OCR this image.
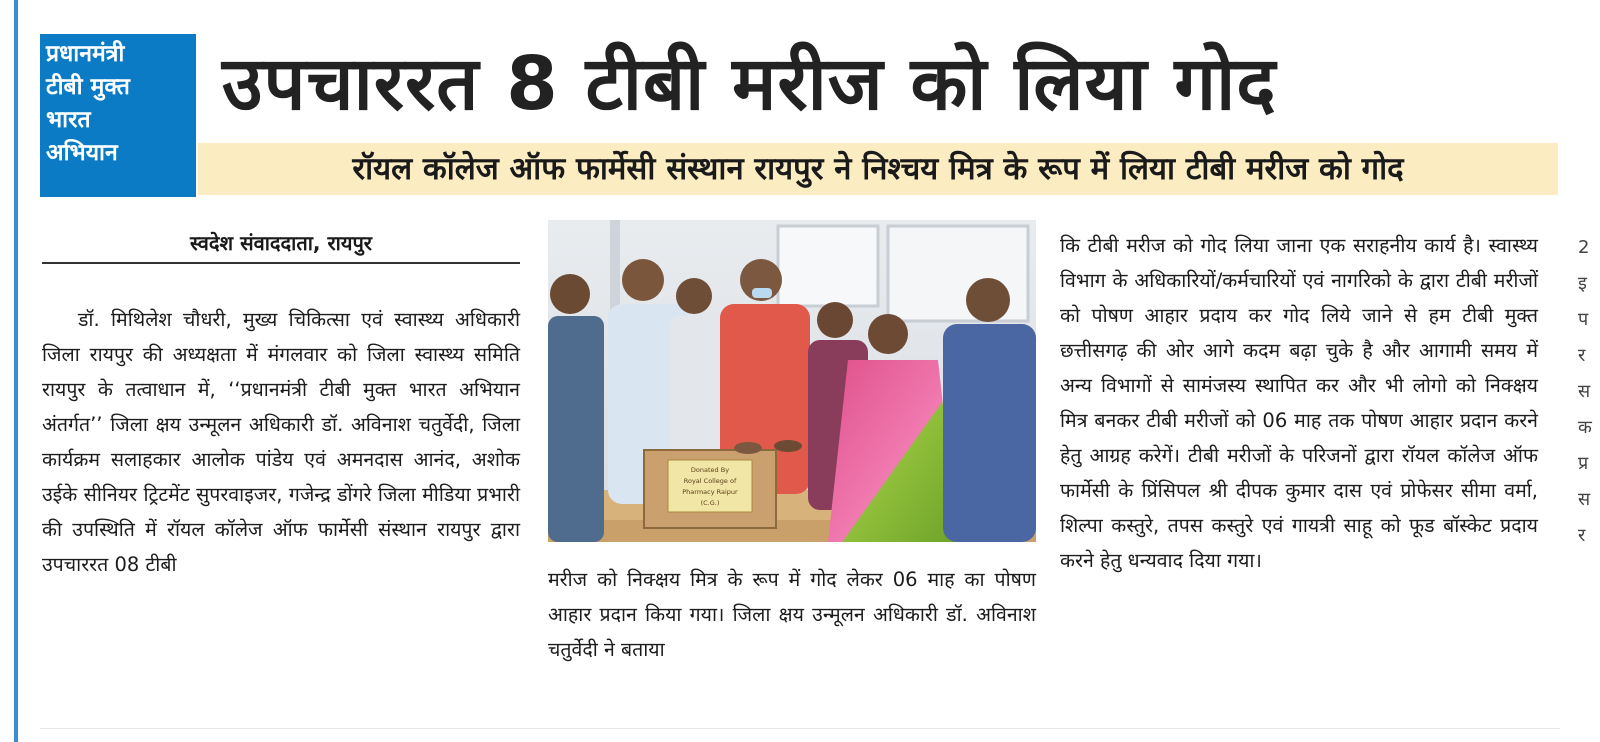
प्रधानमंत्री
टीबी मुक्त
भारत
अभियान
उपचाररत 8 टीबी मरीज को लिया गोद
रॉयल कॉलेज ऑफ फार्मेसी संस्थान रायपुर ने निश्चय मित्र के रूप में लिया टीबी मरीज को गोद
स्वदेश संवाददाता, रायपुर
डॉ. मिथिलेश चौधरी, मुख्य चिकित्सा एवं स्वास्थ्य अधिकारी जिला रायपुर की अध्यक्षता में मंगलवार को जिला स्वास्थ्य समिति रायपुर के तत्वाधान में, ‘‘प्रधानमंत्री टीबी मुक्त भारत अभियान अंतर्गत’’ जिला क्षय उन्मूलन अधिकारी डॉ. अविनाश चतुर्वेदी, जिला कार्यक्रम सलाहकार आलोक पांडेय एवं अमनदास आनंद, अशोक उईके सीनियर ट्रिटमेंट सुपरवाइजर, गजेन्द्र डोंगरे जिला मीडिया प्रभारी की उपस्थिति में रॉयल कॉलेज ऑफ फार्मेसी संस्थान रायपुर द्वारा उपचाररत 08 टीबी
Donated By
Royal College of
Pharmacy Raipur
(C.G.)
मरीज को निक्क्षय मित्र के रूप में गोद लेकर 06 माह का पोषण आहार प्रदान किया गया। जिला क्षय उन्मूलन अधिकारी डॉ. अविनाश चतुर्वेदी ने बताया
कि टीबी मरीज को गोद लिया जाना एक सराहनीय कार्य है। स्वास्थ्य विभाग के अधिकारियों/कर्मचारियों एवं नागरिको के द्वारा टीबी मरीजों को पोषण आहार प्रदाय कर गोद लिये जाने से हम टीबी मुक्त छत्तीसगढ़ की ओर आगे कदम बढ़ा चुके है और आगामी समय में अन्य विभागों से सामंजस्य स्थापित कर और भी लोगो को निक्क्षय मित्र बनकर टीबी मरीजों को 06 माह तक पोषण आहार प्रदान करने हेतु आग्रह करेगें। टीबी मरीजों के परिजनों द्वारा रॉयल कॉलेज ऑफ फार्मेसी के प्रिंसिपल श्री दीपक कुमार दास एवं प्रोफेसर सीमा वर्मा, शिल्पा कस्तुरे, तपस कस्तुरे एवं गायत्री साहू को फूड बॉस्केट प्रदाय करने हेतु धन्यवाद दिया गया।
2
इ
प
र
स
क
प्र
स
र
